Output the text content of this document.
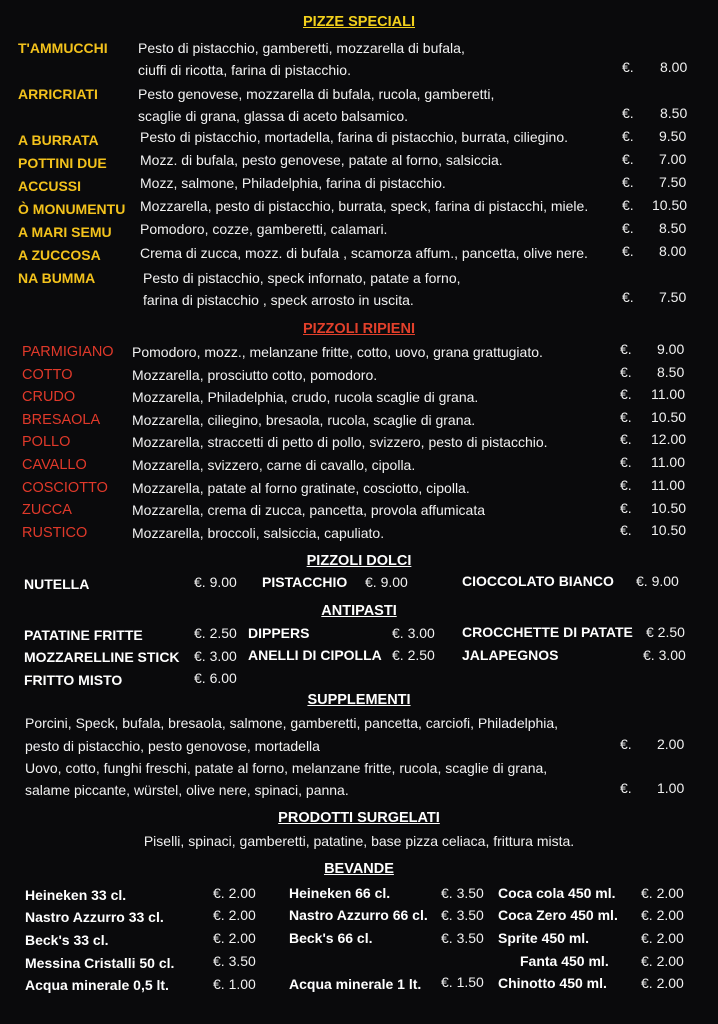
PIZZE SPECIALI
T'AMMUCCHI Pesto di pistacchio, gamberetti, mozzarella di bufala,
ciuffi di ricotta, farina di pistacchio.	€. 8.00
ARRICRIATI	Pesto genovese, mozzarella di bufala, rucola, gamberetti,
scaglie di grana, glassa di aceto balsamico.	€. 8.50
A BURRATA	Pesto di pistacchio, mortadella, farina di pistacchio, burrata, ciliegino.	€. 9.50
POTTINI DUE Mozz. di bufala, pesto genovese, patate al forno, salsiccia.	€. 7.00
ACCUSSI	Mozz, salmone, Philadelphia, farina di pistacchio.	€. 7.50
Ò MONUMENTU Mozzarella, pesto di pistacchio, burrata, speck, farina di pistacchi, miele. €. 10.50
A MARI SEMU Pomodoro, cozze, gamberetti, calamari.	€. 8.50
A ZUCCOSA	Crema di zucca, mozz. di bufala , scamorza affum., pancetta, olive nere. €. 8.00
NA BUMMA	Pesto di pistacchio, speck infornato, patate a forno,
farina di pistacchio , speck arrosto in uscita.	€. 7.50
PIZZOLI RIPIENI
PARMIGIANO Pomodoro, mozz., melanzane fritte, cotto, uovo, grana grattugiato.	€. 9.00
COTTO	Mozzarella, prosciutto cotto, pomodoro.	€. 8.50
CRUDO	Mozzarella, Philadelphia, crudo, rucola scaglie di grana.	€. 11.00
BRESAOLA Mozzarella, ciliegino, bresaola, rucola, scaglie di grana.	€. 10.50
POLLO	Mozzarella, straccetti di petto di pollo, svizzero, pesto di pistacchio.	€. 12.00
CAVALLO	Mozzarella, svizzero, carne di cavallo, cipolla.	€. 11.00
COSCIOTTO Mozzarella, patate al forno gratinate, cosciotto, cipolla.	€. 11.00
ZUCCA	Mozzarella, crema di zucca, pancetta, provola affumicata	€. 10.50
RUSTICO	Mozzarella, broccoli, salsiccia, capuliato.	€. 10.50
PIZZOLI DOLCI
NUTELLA	€. 9.00 PISTACCHIO €. 9.00	CIOCCOLATO BIANCO €. 9.00
ANTIPASTI
PATATINE FRITTE	€. 2.50 DIPPERS	€. 3.00 CROCCHETTE DI PATATE € 2.50
MOZZARELLINE STICK €. 3.00 ANELLI DI CIPOLLA €. 2.50 JALAPEGNOS	€. 3.00
FRITTO MISTO	€. 6.00
SUPPLEMENTI
Porcini, Speck, bufala, bresaola, salmone, gamberetti, pancetta, carciofi, Philadelphia,
pesto di pistacchio, pesto genovose, mortadella	€. 2.00
Uovo, cotto, funghi freschi, patate al forno, melanzane fritte, rucola, scaglie di grana,
salame piccante, würstel, olive nere, spinaci, panna.	€. 1.00
PRODOTTI SURGELATI
Piselli, spinaci, gamberetti, patatine, base pizza celiaca, frittura mista.
BEVANDE
Heineken 33 cl.	€. 2.00 Heineken 66 cl.	€. 3.50 Coca cola 450 ml. €. 2.00
Nastro Azzurro 33 cl.	€. 2.00 Nastro Azzurro 66 cl. €. 3.50 Coca Zero 450 ml. €. 2.00
Beck's 33 cl.	€. 2.00 Beck's 66 cl.	€. 3.50 Sprite 450 ml.	€. 2.00
Messina Cristalli 50 cl.	€. 3.50	Fanta 450 ml. €. 2.00
Acqua minerale 0,5 lt.	€. 1.00 Acqua minerale 1 lt. €. 1.50 Chinotto 450 ml. €. 2.00
